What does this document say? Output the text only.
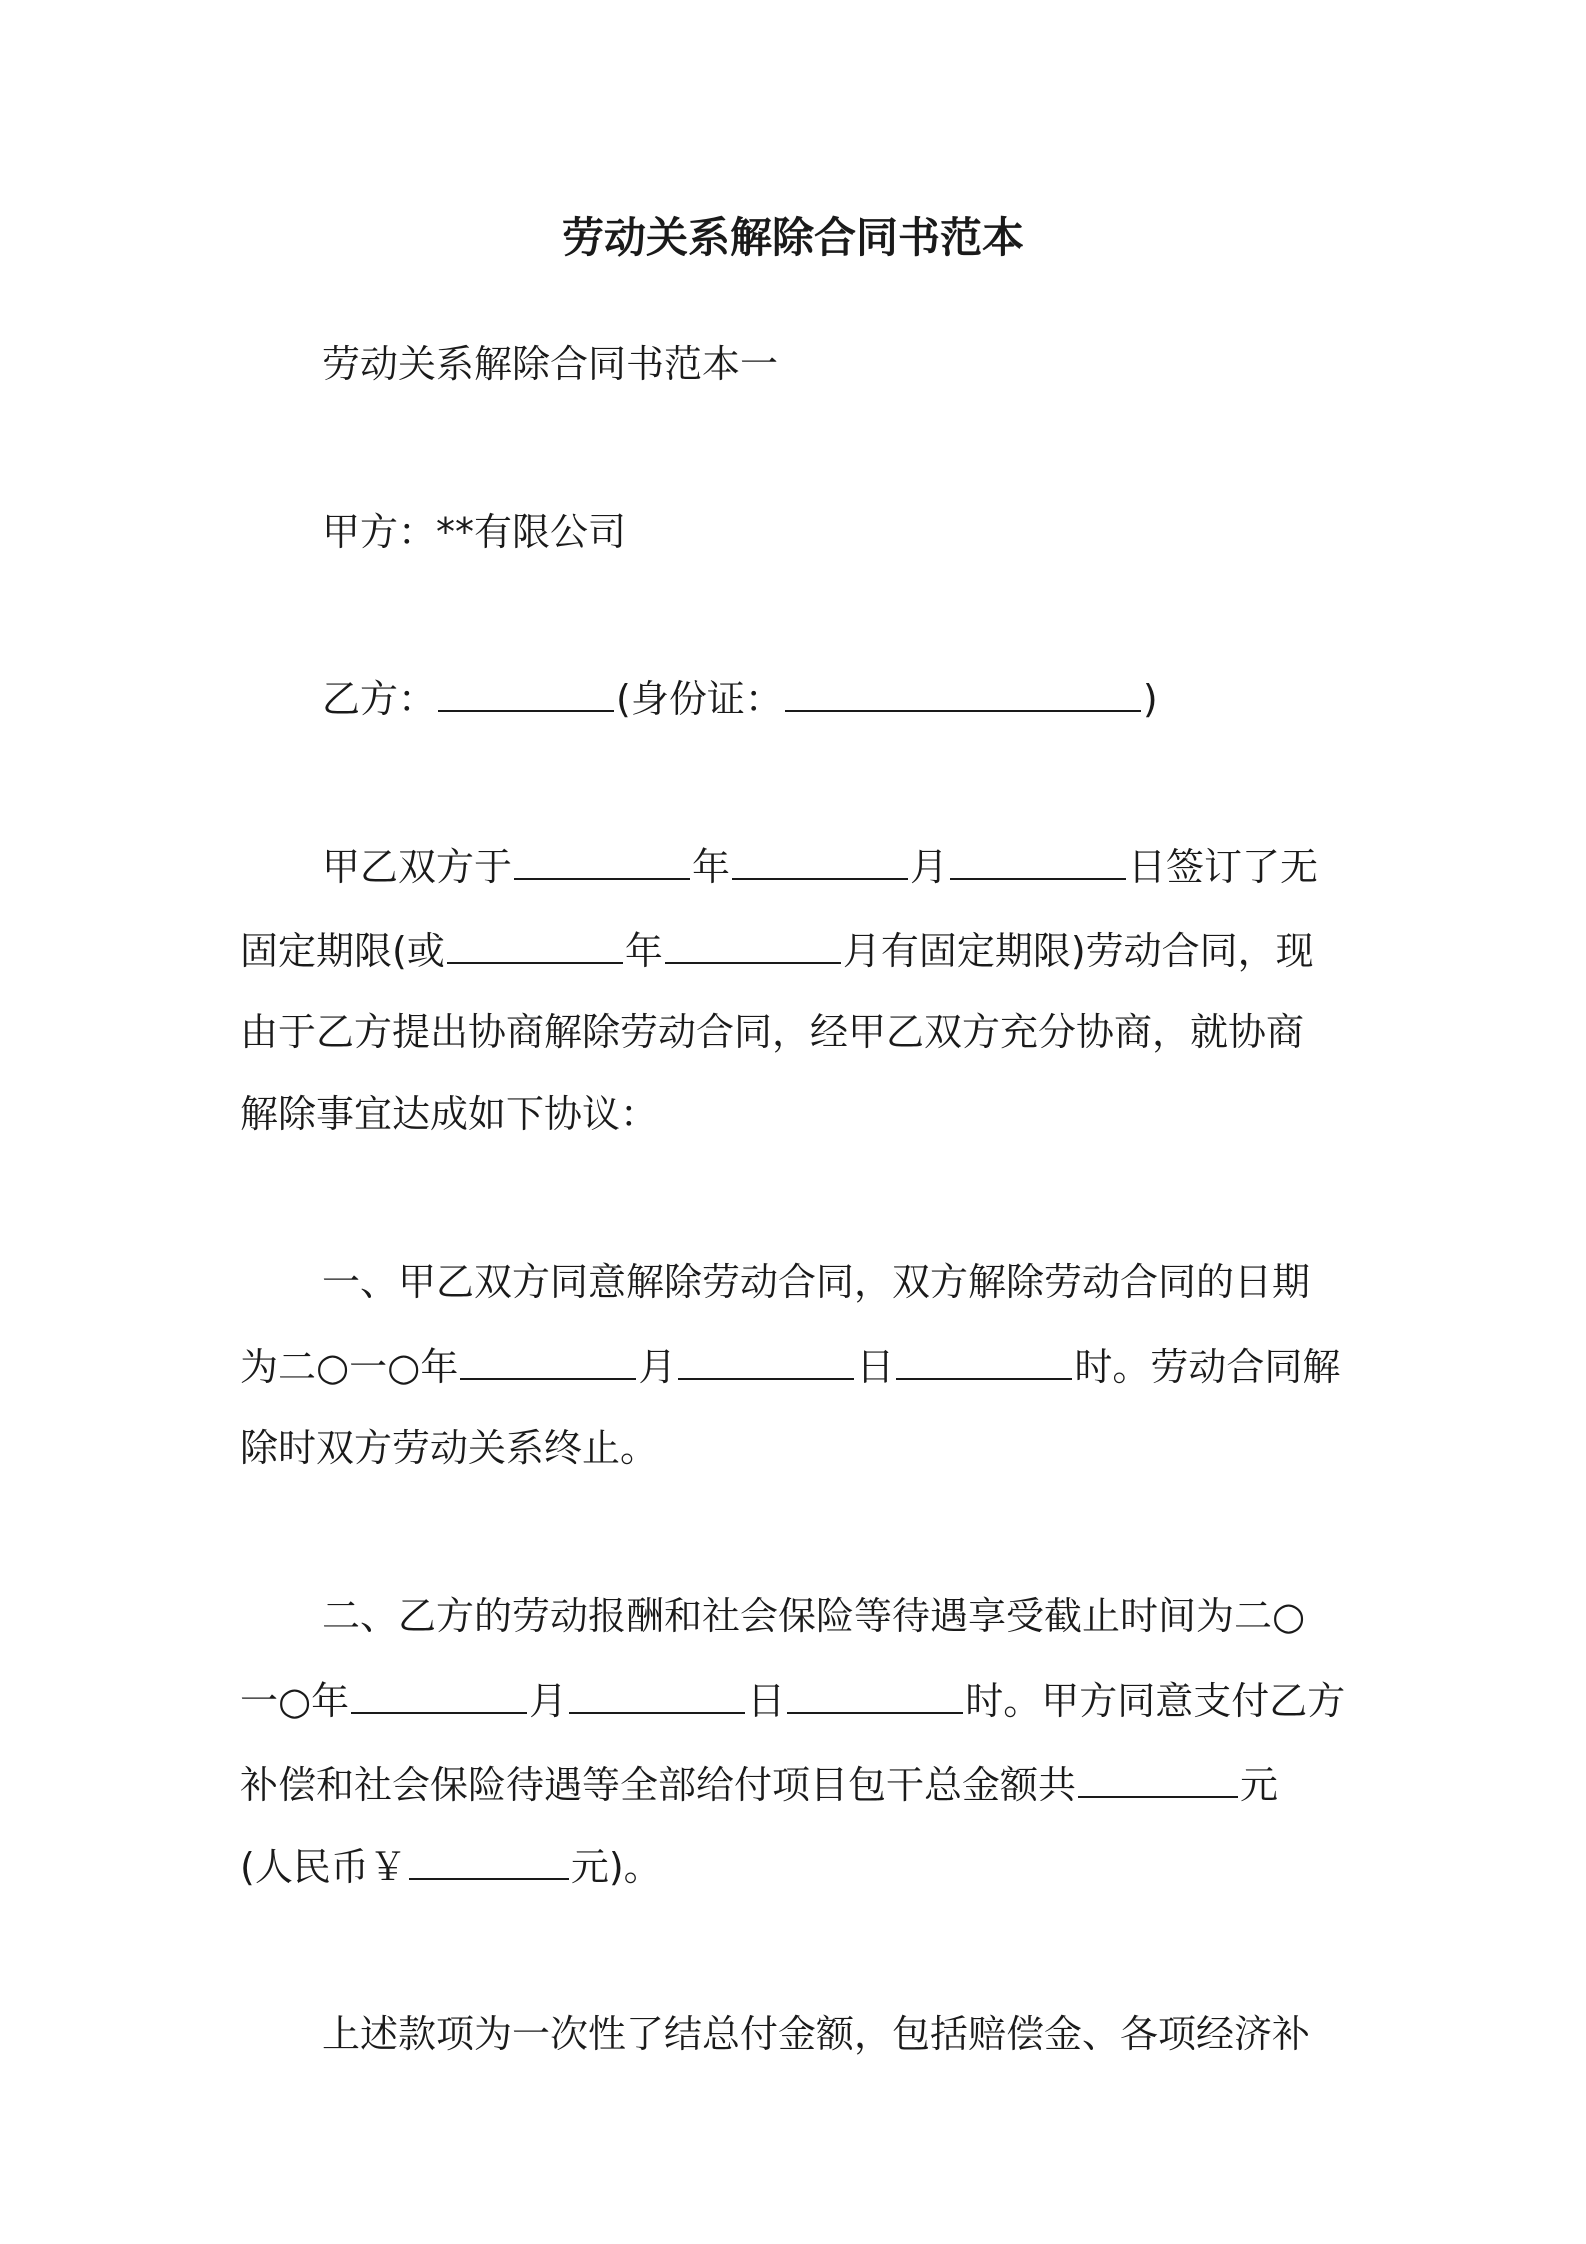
劳动关系解除合同书范本
劳动关系解除合同书范本一
甲方：**有限公司
乙方：	(身份证：	)
甲乙双方于	年	月	日签订了无
固定期限(或	年	月有固定期限)劳动合同，现
由于乙方提出协商解除劳动合同，经甲乙双方充分协商，就协商
解除事宜达成如下协议：
一、甲乙双方同意解除劳动合同，双方解除劳动合同的日期
为二○一○年	月	日	时。劳动合同解
除时双方劳动关系终止。
二、乙方的劳动报酬和社会保险等待遇享受截止时间为二○
一○年	月	日	时。甲方同意支付乙方
补偿和社会保险待遇等全部给付项目包干总金额共	元
(人民币￥	元)。
上述款项为一次性了结总付金额，包括赔偿金、各项经济补
